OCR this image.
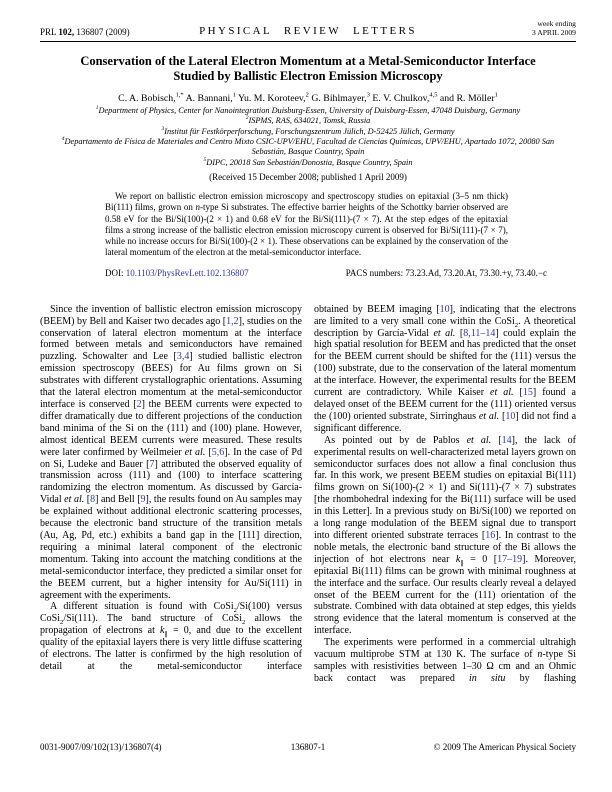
PRL 102, 136807 (2009)	PHYSICAL REVIEW LETTERS
week ending
3 APRIL 2009
Conservation of the Lateral Electron Momentum at a Metal-Semiconductor Interface
Studied by Ballistic Electron Emission Microscopy
C. A. Bobisch,$^{1,*}$ A. Bannani,$^1$ Yu. M. Koroteev,$^2$ G. Bihlmayer,$^3$ E. V. Chulkov,$^{4,5}$ and R. Möller$^1$
$^1$Department of Physics, Center for Nanointegration Duisburg-Essen, University of Duisburg-Essen, 47048 Duisburg, Germany
$^2$ISPMS, RAS, 634021, Tomsk, Russia
$^3$Institut für Festkörperforschung, Forschungszentrum Jülich, D-52425 Jülich, Germany
$^4$Departamento de Física de Materiales and Centro Mixto CSIC-UPV/EHU, Facultad de Ciencias Químicas, UPV/EHU, Apartado 1072, 20080 San Sebastián, Basque Country, Spain
$^5$DIPC, 20018 San Sebastián/Donostia, Basque Country, Spain
(Received 15 December 2008; published 1 April 2009)
We report on ballistic electron emission microscopy and spectroscopy studies on epitaxial (3–5 nm thick) Bi(111) films, grown on n-type Si substrates. The effective barrier heights of the Schottky barrier observed are 0.58 eV for the Bi/Si(100)-(2 × 1) and 0.68 eV for the Bi/Si(111)-(7 × 7). At the step edges of the epitaxial films a strong increase of the ballistic electron emission microscopy current is observed for Bi/Si(111)-(7 × 7), while no increase occurs for Bi/Si(100)-(2 × 1). These observations can be explained by the conservation of the lateral momentum of the electron at the metal-semiconductor interface.
DOI: 10.1103/PhysRevLett.102.136807	PACS numbers: 73.23.Ad, 73.20.At, 73.30.+y, 73.40.−c

Since the invention of ballistic electron emission microscopy (BEEM) by Bell and Kaiser two decades ago [1,2], studies on the conservation of lateral electron momentum at the interface formed between metals and semiconductors have remained puzzling. Schowalter and Lee [3,4] studied ballistic electron emission spectroscopy (BEES) for Au films grown on Si substrates with different crystallographic orientations. Assuming that the lateral electron momentum at the metal-semiconductor interface is conserved [2] the BEEM currents were expected to differ dramatically due to different projections of the conduction band minima of the Si on the (111) and (100) plane. However, almost identical BEEM currents were measured. These results were later confirmed by Weilmeier et al. [5,6]. In the case of Pd on Si, Ludeke and Bauer [7] attributed the observed equality of transmission across (111) and (100) to interface scattering randomizing the electron momentum. As discussed by García-Vidal et al. [8] and Bell [9], the results found on Au samples may be explained without additional electronic scattering processes, because the electronic band structure of the transition metals (Au, Ag, Pd, etc.) exhibits a band gap in the [111] direction, requiring a minimal lateral component of the electronic momentum. Taking into account the matching conditions at the metal-semiconductor interface, they predicted a similar onset for the BEEM current, but a higher intensity for Au/Si(111) in agreement with the experiments.

A different situation is found with CoSi$_2$/Si(100) versus CoSi$_2$/Si(111). The band structure of CoSi$_2$ allows the propagation of electrons at $k_\parallel = 0$, and due to the excellent quality of the epitaxial layers there is very little diffuse scattering of electrons. The latter is confirmed by the high resolution of detail at the metal-semiconductor interface

obtained by BEEM imaging [10], indicating that the electrons are limited to a very small cone within the CoSi$_2$. A theoretical description by García-Vidal et al. [8,11–14] could explain the high spatial resolution for BEEM and has predicted that the onset for the BEEM current should be shifted for the (111) versus the (100) substrate, due to the conservation of the lateral momentum at the interface. However, the experimental results for the BEEM current are contradictory. While Kaiser et al. [15] found a delayed onset of the BEEM current for the (111) oriented versus the (100) oriented substrate, Sirringhaus et al. [10] did not find a significant difference.

As pointed out by de Pablos et al. [14], the lack of experimental results on well-characterized metal layers grown on semiconductor surfaces does not allow a final conclusion thus far. In this work, we present BEEM studies on epitaxial Bi(111) films grown on Si(100)-(2 × 1) and Si(111)-(7 × 7) substrates [the rhombohedral indexing for the Bi(111) surface will be used in this Letter]. In a previous study on Bi/Si(100) we reported on a long range modulation of the BEEM signal due to transport into different oriented substrate terraces [16]. In contrast to the noble metals, the electronic band structure of the Bi allows the injection of hot electrons near $k_\parallel = 0$ [17–19]. Moreover, epitaxial Bi(111) films can be grown with minimal roughness at the interface and the surface. Our results clearly reveal a delayed onset of the BEEM current for the (111) orientation of the substrate. Combined with data obtained at step edges, this yields strong evidence that the lateral momentum is conserved at the interface.

The experiments were performed in a commercial ultrahigh vacuum multiprobe STM at 130 K. The surface of n-type Si samples with resistivities between 1–30 Ω cm and an Ohmic back contact was prepared in situ by flashing

0031-9007/09/102(13)/136807(4)	136807-1	© 2009 The American Physical Society
